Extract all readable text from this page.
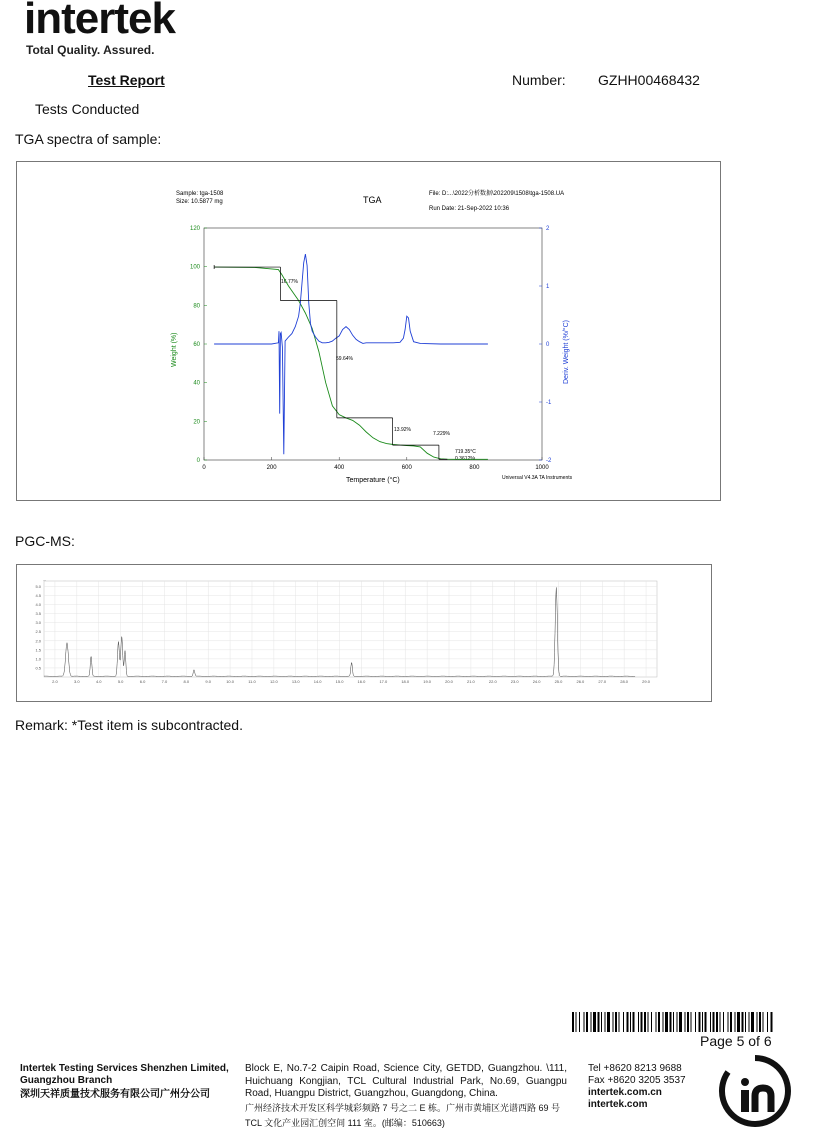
intertek
Total Quality. Assured.
Test Report	Number: GZHH00468432
Tests Conducted
TGA spectra of sample:
Sample: tga-1508
Size: 10.5877 mg	TGA
File: D:...\2022分析数据\202209\1508\tga-1508.UA
Run Date: 21-Sep-2022 10:36
Universal V4.3A TA Instruments
Temperature (°C)
Weight (%)	Deriv. Weight (%/°C)
16.77%
59.64%
13.92%
7.229%
719.35°C
0.3612%
0	200	400	600	800	1000
0
20
40
60
80
100
120
-2
-1
0
1
2
PGC-MS:
—
2.0	3.0	4.0	5.0	6.0	7.0	8.0	9.0	10.0	11.0	12.0	13.0	14.0	15.0	16.0	17.0	18.0	19.0	20.0	21.0	22.0	23.0	24.0	25.0	26.0	27.0	28.0	29.0
0.5
1.0
1.5
2.0
2.5
3.0
3.5
4.0
4.5
5.0
Remark: *Test item is subcontracted.
Page 5 of 6
Intertek Testing Services Shenzhen Limited, Guangzhou Branch
深圳天祥质量技术服务有限公司广州分公司
Block E, No.7-2 Caipin Road, Science City, GETDD, Guangzhou. \111, Huichuang Kongjian, TCL Cultural Industrial Park, No.69, Guangpu Road, Huangpu District, Guangzhou, Guangdong, China.
广州经济技术开发区科学城彩频路 7 号之二 E 栋。广州市黄埔区光谱西路 69 号 TCL 文化产业园汇创空间 111 室。(邮编：510663)
Tel +8620 8213 9688
Fax +8620 3205 3537
intertek.com.cn
intertek.com
